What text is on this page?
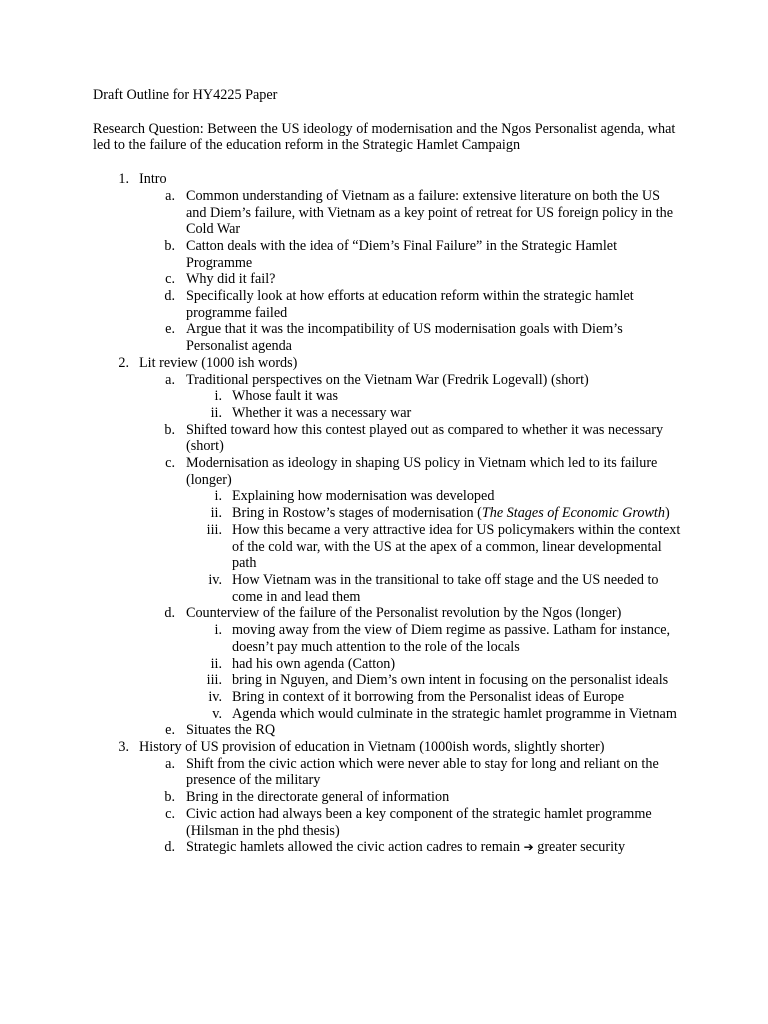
Draft Outline for HY4225 Paper
Research Question: Between the US ideology of modernisation and the Ngos Personalist agenda, what led to the failure of the education reform in the Strategic Hamlet Campaign
1. Intro
a. Common understanding of Vietnam as a failure: extensive literature on both the US and Diem’s failure, with Vietnam as a key point of retreat for US foreign policy in the Cold War
b. Catton deals with the idea of “Diem’s Final Failure” in the Strategic Hamlet Programme
c. Why did it fail?
d. Specifically look at how efforts at education reform within the strategic hamlet programme failed
e. Argue that it was the incompatibility of US modernisation goals with Diem’s Personalist agenda
2. Lit review (1000 ish words)
a. Traditional perspectives on the Vietnam War (Fredrik Logevall) (short)
i. Whose fault it was
ii. Whether it was a necessary war
b. Shifted toward how this contest played out as compared to whether it was necessary (short)
c. Modernisation as ideology in shaping US policy in Vietnam which led to its failure (longer)
i. Explaining how modernisation was developed
ii. Bring in Rostow’s stages of modernisation (The Stages of Economic Growth)
iii. How this became a very attractive idea for US policymakers within the context of the cold war, with the US at the apex of a common, linear developmental path
iv. How Vietnam was in the transitional to take off stage and the US needed to come in and lead them
d. Counterview of the failure of the Personalist revolution by the Ngos (longer)
i. moving away from the view of Diem regime as passive. Latham for instance, doesn’t pay much attention to the role of the locals
ii. had his own agenda (Catton)
iii. bring in Nguyen, and Diem’s own intent in focusing on the personalist ideals
iv. Bring in context of it borrowing from the Personalist ideas of Europe
v. Agenda which would culminate in the strategic hamlet programme in Vietnam
e. Situates the RQ
3. History of US provision of education in Vietnam (1000ish words, slightly shorter)
a. Shift from the civic action which were never able to stay for long and reliant on the presence of the military
b. Bring in the directorate general of information
c. Civic action had always been a key component of the strategic hamlet programme (Hilsman in the phd thesis)
d. Strategic hamlets allowed the civic action cadres to remain ➔ greater security
